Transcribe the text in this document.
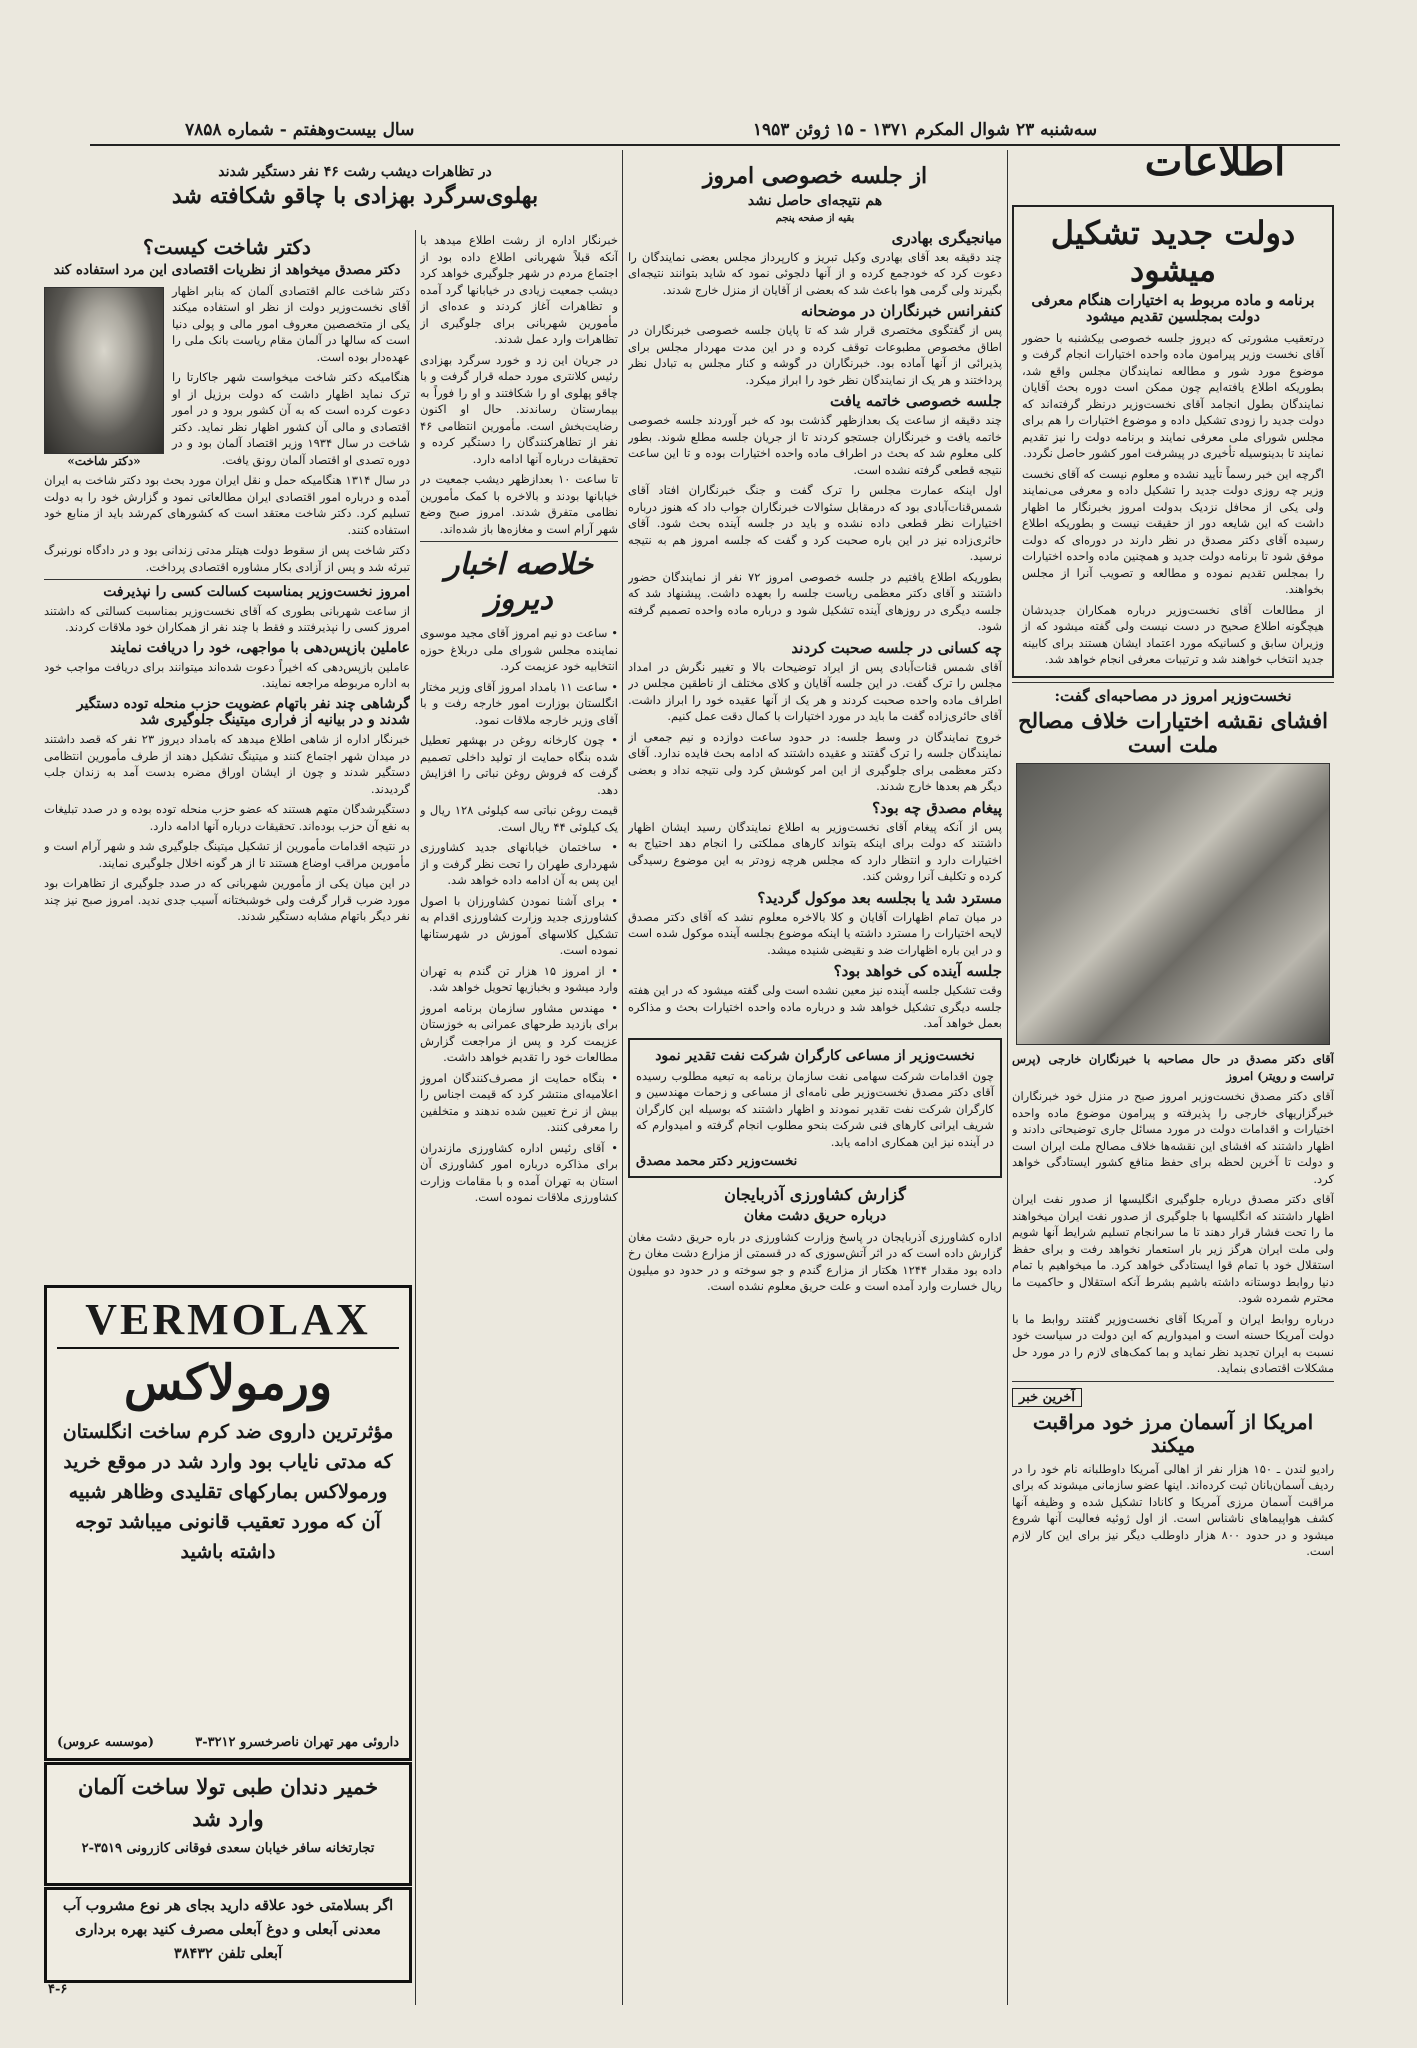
اطلاعات
سه‌شنبه ۲۳ شوال المکرم ۱۳۷۱ - ۱۵ ژوئن ۱۹۵۳
سال بیست‌وهفتم - شماره ۷۸۵۸
دولت جدید تشکیل میشود
برنامه و ماده مربوط به اختیارات هنگام معرفی دولت بمجلسین تقدیم میشود

درتعقیب مشورتی که دیروز جلسه خصوصی بیکشنبه با حضور آقای نخست وزیر پیرامون ماده واحده اختیارات انجام گرفت و موضوع مورد شور و مطالعه نمایندگان مجلس واقع شد، بطوریکه اطلاع یافته‌ایم چون ممکن است دوره بحث آقایان نمایندگان بطول انجامد آقای نخست‌وزیر درنظر گرفته‌اند که دولت جدید را زودی تشکیل داده و موضوع اختیارات را هم برای مجلس شورای ملی معرفی نمایند و برنامه دولت را نیز تقدیم نمایند تا بدینوسیله تأخیری در پیشرفت امور کشور حاصل نگردد.

اگرچه این خبر رسماً تأیید نشده و معلوم نیست که آقای نخست وزیر چه روزی دولت جدید را تشکیل داده و معرفی می‌نمایند ولی یکی از محافل نزدیک بدولت امروز بخبرنگار ما اظهار داشت که این شایعه دور از حقیقت نیست و بطوریکه اطلاع رسیده آقای دکتر مصدق در نظر دارند در دوره‌ای که دولت موفق شود تا برنامه دولت جدید و همچنین ماده واحده اختیارات را بمجلس تقدیم نموده و مطالعه و تصویب آنرا از مجلس بخواهند.

از مطالعات آقای نخست‌وزیر درباره همکاران جدیدشان هیچگونه اطلاع صحیح در دست نیست ولی گفته میشود که از وزیران سابق و کسانیکه مورد اعتماد ایشان هستند برای کابینه جدید انتخاب خواهند شد و ترتیبات معرفی انجام خواهد شد.

نخست‌وزیر امروز در مصاحبه‌ای گفت:
افشای نقشه اختیارات خلاف مصالح ملت است

آقای دکتر مصدق در حال مصاحبه با خبرنگاران خارجی (پرس تراست و رویتر) امروز

آقای دکتر مصدق نخست‌وزیر امروز صبح در منزل خود خبرنگاران خبرگزاریهای خارجی را پذیرفته و پیرامون موضوع ماده واحده اختیارات و اقدامات دولت در مورد مسائل جاری توضیحاتی دادند و اظهار داشتند که افشای این نقشه‌ها خلاف مصالح ملت ایران است و دولت تا آخرین لحظه برای حفظ منافع کشور ایستادگی خواهد کرد.

آقای دکتر مصدق درباره جلوگیری انگلیسها از صدور نفت ایران اظهار داشتند که انگلیسها با جلوگیری از صدور نفت ایران میخواهند ما را تحت فشار قرار دهند تا ما سرانجام تسلیم شرایط آنها شویم ولی ملت ایران هرگز زیر بار استعمار نخواهد رفت و برای حفظ استقلال خود با تمام قوا ایستادگی خواهد کرد. ما میخواهیم با تمام دنیا روابط دوستانه داشته باشیم بشرط آنکه استقلال و حاکمیت ما محترم شمرده شود.

درباره روابط ایران و آمریکا آقای نخست‌وزیر گفتند روابط ما با دولت آمریکا حسنه است و امیدواریم که این دولت در سیاست خود نسبت به ایران تجدید نظر نماید و بما کمک‌های لازم را در مورد حل مشکلات اقتصادی بنماید.

آخرین خبر
امریکا از آسمان مرز خود مراقبت میکند

رادیو لندن ـ ۱۵۰ هزار نفر از اهالی آمریکا داوطلبانه نام خود را در ردیف آسمان‌بانان ثبت کرده‌اند. اینها عضو سازمانی میشوند که برای مراقبت آسمان مرزی آمریکا و کانادا تشکیل شده و وظیفه آنها کشف هواپیماهای ناشناس است. از اول ژوئیه فعالیت آنها شروع میشود و در حدود ۸۰۰ هزار داوطلب دیگر نیز برای این کار لازم است.

از جلسه خصوصی امروز
هم نتیجه‌ای حاصل نشد
بقیه از صفحه پنجم
میانجیگری بهادری

چند دقیقه بعد آقای بهادری وکیل تبریز و کارپرداز مجلس بعضی نمایندگان را دعوت کرد که خودجمع کرده و از آنها دلجوئی نمود که شاید بتوانند نتیجه‌ای بگیرند ولی گرمی هوا باعث شد که بعضی از آقایان از منزل خارج شدند.

کنفرانس خبرنگاران در موضحانه

پس از گفتگوی مختصری قرار شد که تا پایان جلسه خصوصی خبرنگاران در اطاق مخصوص مطبوعات توقف کرده و در این مدت مهردار مجلس برای پذیرائی از آنها آماده بود. خبرنگاران در گوشه و کنار مجلس به تبادل نظر پرداختند و هر یک از نمایندگان نظر خود را ابراز میکرد.

جلسه خصوصی خاتمه یافت

چند دقیقه از ساعت یک بعدازظهر گذشت بود که خبر آوردند جلسه خصوصی خاتمه یافت و خبرنگاران جستجو کردند تا از جریان جلسه مطلع شوند. بطور کلی معلوم شد که بحث در اطراف ماده واحده اختیارات بوده و تا این ساعت نتیجه قطعی گرفته نشده است.

اول اینکه عمارت مجلس را ترک گفت و جنگ خبرنگاران افتاد آقای شمس‌قنات‌آبادی بود که درمقابل سئوالات خبرنگاران جواب داد که هنوز درباره اختیارات نظر قطعی داده نشده و باید در جلسه آینده بحث شود. آقای حائری‌زاده نیز در این باره صحبت کرد و گفت که جلسه امروز هم به نتیجه نرسید.

بطوریکه اطلاع یافتیم در جلسه خصوصی امروز ۷۲ نفر از نمایندگان حضور داشتند و آقای دکتر معظمی ریاست جلسه را بعهده داشت. پیشنهاد شد که جلسه دیگری در روزهای آینده تشکیل شود و درباره ماده واحده تصمیم گرفته شود.

چه کسانی در جلسه صحبت کردند

آقای شمس قنات‌آبادی پس از ایراد توضیحات بالا و تغییر نگرش در امداد مجلس را ترک گفت. در این جلسه آقایان و کلای مختلف از ناطقین مجلس در اطراف ماده واحده صحبت کردند و هر یک از آنها عقیده خود را ابراز داشت. آقای حائری‌زاده گفت ما باید در مورد اختیارات با کمال دقت عمل کنیم.

خروج نمایندگان در وسط جلسه: در حدود ساعت دوازده و نیم جمعی از نمایندگان جلسه را ترک گفتند و عقیده داشتند که ادامه بحث فایده ندارد. آقای دکتر معظمی برای جلوگیری از این امر کوشش کرد ولی نتیجه نداد و بعضی دیگر هم بعدها خارج شدند.

پیغام مصدق چه بود؟

پس از آنکه پیغام آقای نخست‌وزیر به اطلاع نمایندگان رسید ایشان اظهار داشتند که دولت برای اینکه بتواند کارهای مملکتی را انجام دهد احتیاج به اختیارات دارد و انتظار دارد که مجلس هرچه زودتر به این موضوع رسیدگی کرده و تکلیف آنرا روشن کند.

مسترد شد یا بجلسه بعد موکول گردید؟

در میان تمام اظهارات آقایان و کلا بالاخره معلوم نشد که آقای دکتر مصدق لایحه اختیارات را مسترد داشته یا اینکه موضوع بجلسه آینده موکول شده است و در این باره اظهارات ضد و نقیضی شنیده میشد.

جلسه آینده کی خواهد بود؟

وقت تشکیل جلسه آینده نیز معین نشده است ولی گفته میشود که در این هفته جلسه دیگری تشکیل خواهد شد و درباره ماده واحده اختیارات بحث و مذاکره بعمل خواهد آمد.

نخست‌وزیر از مساعی کارگران شرکت نفت تقدیر نمود

چون اقدامات شرکت سهامی نفت سازمان برنامه به تبعیه مطلوب رسیده آقای دکتر مصدق نخست‌وزیر طی نامه‌ای از مساعی و زحمات مهندسین و کارگران شرکت نفت تقدیر نمودند و اظهار داشتند که بوسیله این کارگران شریف ایرانی کارهای فنی شرکت بنحو مطلوب انجام گرفته و امیدوارم که در آینده نیز این همکاری ادامه یابد.

نخست‌وزیر دکتر محمد مصدق
گزارش کشاورزی آذربایجان
درباره حریق دشت مغان

اداره کشاورزی آذربایجان در پاسخ وزارت کشاورزی در باره حریق دشت مغان گزارش داده است که در اثر آتش‌سوزی که در قسمتی از مزارع دشت مغان رخ داده بود مقدار ۱۲۴۴ هکتار از مزارع گندم و جو سوخته و در حدود دو میلیون ریال خسارت وارد آمده است و علت حریق معلوم نشده است.

در تظاهرات دیشب رشت ۴۶ نفر دستگیر شدند
بهلوی‌سرگرد بهزادی با چاقو شکافته شد

خبرنگار اداره از رشت اطلاع میدهد با آنکه قبلاً شهربانی اطلاع داده بود از اجتماع مردم در شهر جلوگیری خواهد کرد دیشب جمعیت زیادی در خیابانها گرد آمده و تظاهرات آغاز کردند و عده‌ای از مأمورین شهربانی برای جلوگیری از تظاهرات وارد عمل شدند.

در جریان این زد و خورد سرگرد بهزادی رئیس کلانتری مورد حمله قرار گرفت و با چاقو پهلوی او را شکافتند و او را فوراً به بیمارستان رساندند. حال او اکنون رضایت‌بخش است. مأمورین انتظامی ۴۶ نفر از تظاهرکنندگان را دستگیر کرده و تحقیقات درباره آنها ادامه دارد.

تا ساعت ۱۰ بعدازظهر دیشب جمعیت در خیابانها بودند و بالاخره با کمک مأمورین نظامی متفرق شدند. امروز صبح وضع شهر آرام است و مغازه‌ها باز شده‌اند.

خلاصه اخبار دیروز

• ساعت دو نیم امروز آقای مجید موسوی نماینده مجلس شورای ملی دربلاغ حوزه انتخابیه خود عزیمت کرد.

• ساعت ۱۱ بامداد امروز آقای وزیر مختار انگلستان بوزارت امور خارجه رفت و با آقای وزیر خارجه ملاقات نمود.

• چون کارخانه روغن در بهشهر تعطیل شده بنگاه حمایت از تولید داخلی تصمیم گرفت که فروش روغن نباتی را افزایش دهد.

قیمت روغن نباتی سه کیلوئی ۱۲۸ ریال و یک کیلوئی ۴۴ ریال است.

• ساختمان خیابانهای جدید کشاورزی شهرداری طهران را تحت نظر گرفت و از این پس به آن ادامه داده خواهد شد.

• برای آشنا نمودن کشاورزان با اصول کشاورزی جدید وزارت کشاورزی اقدام به تشکیل کلاسهای آموزش در شهرستانها نموده است.

• از امروز ۱۵ هزار تن گندم به تهران وارد میشود و بخبازیها تحویل خواهد شد.

• مهندس مشاور سازمان برنامه امروز برای بازدید طرحهای عمرانی به خوزستان عزیمت کرد و پس از مراجعت گزارش مطالعات خود را تقدیم خواهد داشت.

• بنگاه حمایت از مصرف‌کنندگان امروز اعلامیه‌ای منتشر کرد که قیمت اجناس را بیش از نرخ تعیین شده ندهند و متخلفین را معرفی کنند.

• آقای رئیس اداره کشاورزی مازندران برای مذاکره درباره امور کشاورزی آن استان به تهران آمده و با مقامات وزارت کشاورزی ملاقات نموده است.

دکتر شاخت کیست؟
دکتر مصدق میخواهد از نظریات اقتصادی این مرد استفاده کند
«دکتر شاخت»

دکتر شاخت عالم اقتصادی آلمان که بنابر اظهار آقای نخست‌وزیر دولت از نظر او استفاده میکند یکی از متخصصین معروف امور مالی و پولی دنیا است که سالها در آلمان مقام ریاست بانک ملی را عهده‌دار بوده است.

هنگامیکه دکتر شاخت میخواست شهر جاکارتا را ترک نماید اظهار داشت که دولت برزیل از او دعوت کرده است که به آن کشور برود و در امور اقتصادی و مالی آن کشور اظهار نظر نماید. دکتر شاخت در سال ۱۹۳۴ وزیر اقتصاد آلمان بود و در دوره تصدی او اقتصاد آلمان رونق یافت.

در سال ۱۳۱۴ هنگامیکه حمل و نقل ایران مورد بحث بود دکتر شاخت به ایران آمده و درباره امور اقتصادی ایران مطالعاتی نمود و گزارش خود را به دولت تسلیم کرد. دکتر شاخت معتقد است که کشورهای کم‌رشد باید از منابع خود استفاده کنند.

دکتر شاخت پس از سقوط دولت هیتلر مدتی زندانی بود و در دادگاه نورنبرگ تبرئه شد و پس از آزادی بکار مشاوره اقتصادی پرداخت.

امروز نخست‌وزیر بمناسبت کسالت کسی را نپذیرفت

از ساعت شهربانی بطوری که آقای نخست‌وزیر بمناسبت کسالتی که داشتند امروز کسی را نپذیرفتند و فقط با چند نفر از همکاران خود ملاقات کردند.

عاملین بازپس‌دهی با مواجهی، خود را دریافت نمایند

عاملین بازپس‌دهی که اخیراً دعوت شده‌اند میتوانند برای دریافت مواجب خود به اداره مربوطه مراجعه نمایند.

گرشاهی چند نفر باتهام عضویت حزب منحله توده دستگیر شدند و در بیانیه از فراری میتینگ جلوگیری شد

خبرنگار اداره از شاهی اطلاع میدهد که بامداد دیروز ۲۳ نفر که قصد داشتند در میدان شهر اجتماع کنند و میتینگ تشکیل دهند از طرف مأمورین انتظامی دستگیر شدند و چون از ایشان اوراق مضره بدست آمد به زندان جلب گردیدند.

دستگیرشدگان متهم هستند که عضو حزب منحله توده بوده و در صدد تبلیغات به نفع آن حزب بوده‌اند. تحقیقات درباره آنها ادامه دارد.

در نتیجه اقدامات مأمورین از تشکیل میتینگ جلوگیری شد و شهر آرام است و مأمورین مراقب اوضاع هستند تا از هر گونه اخلال جلوگیری نمایند.

در این میان یکی از مأمورین شهربانی که در صدد جلوگیری از تظاهرات بود مورد ضرب قرار گرفت ولی خوشبختانه آسیب جدی ندید. امروز صبح نیز چند نفر دیگر باتهام مشابه دستگیر شدند.

VERMOLAX
ورمولاکس
مؤثرترین داروی ضد کرم ساخت انگلستان که مدتی نایاب بود وارد شد در موقع خرید ورمولاکس بمارکهای تقلیدی وظاهر شبیه آن که مورد تعقیب قانونی میباشد توجه داشته باشید
داروئی مهر تهران ناصرخسرو ۳۲۱۲-۳
(موسسه عروس)
خمیر دندان طبی تولا ساخت آلمان وارد شد
تجارتخانه سافر خیابان سعدی فوقانی کازرونی ۳۵۱۹-۲
اگر بسلامتی خود علاقه دارید بجای هر نوع مشروب آب معدنی آبعلی و دوغ آبعلی مصرف کنید بهره برداری آبعلی تلفن ۳۸۴۳۲
۴-۶
